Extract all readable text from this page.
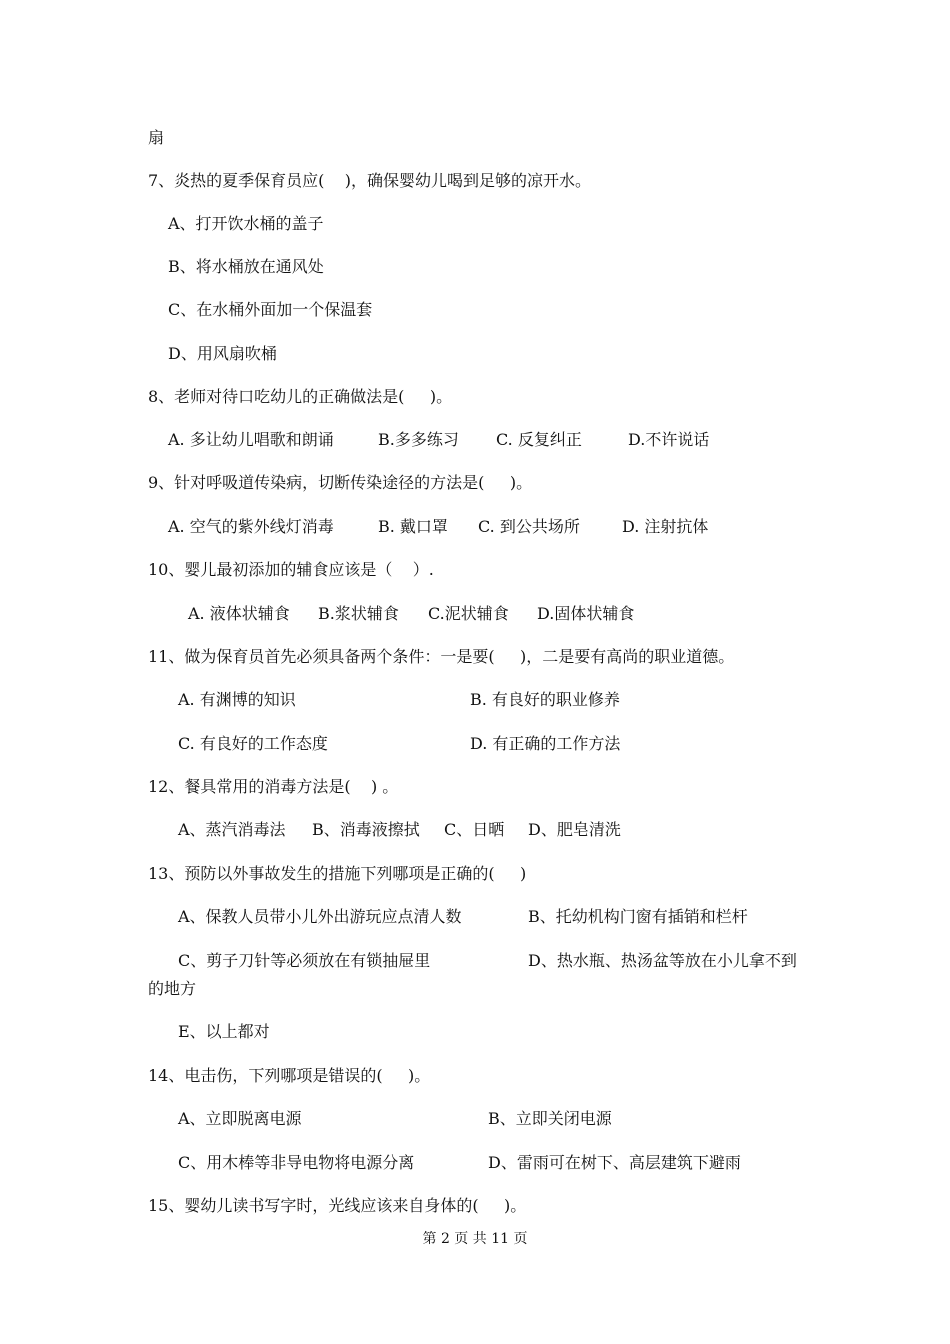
扇
7、炎热的夏季保育员应(    )，确保婴幼儿喝到足够的凉开水。
A、打开饮水桶的盖子
B、将水桶放在通风处
C、在水桶外面加一个保温套
D、用风扇吹桶
8、老师对待口吃幼儿的正确做法是(     )。
A. 多让幼儿唱歌和朗诵	B.多多练习 C. 反复纠正	D.不许说话
9、针对呼吸道传染病，切断传染途径的方法是(     )。
A. 空气的紫外线灯消毒	B. 戴口罩 C. 到公共场所	D. 注射抗体
10、婴儿最初添加的辅食应该是（    ）.
A. 液体状辅食 B.浆状辅食 C.泥状辅食 D.固体状辅食
11、做为保育员首先必须具备两个条件：一是要(     )，二是要有高尚的职业道德。
A. 有渊博的知识	B. 有良好的职业修养
C. 有良好的工作态度	D. 有正确的工作方法
12、餐具常用的消毒方法是(    ) 。
A、蒸汽消毒法 B、消毒液擦拭 C、日晒 D、肥皂清洗
13、预防以外事故发生的措施下列哪项是正确的(     )
A、保教人员带小儿外出游玩应点清人数	B、托幼机构门窗有插销和栏杆
C、剪子刀针等必须放在有锁抽屉里	D、热水瓶、热汤盆等放在小儿拿不到
的地方
E、以上都对
14、电击伤，下列哪项是错误的(     )。
A、立即脱离电源	B、立即关闭电源
C、用木棒等非导电物将电源分离	D、雷雨可在树下、高层建筑下避雨
15、婴幼儿读书写字时，光线应该来自身体的(     )。
第 2 页 共 11 页
